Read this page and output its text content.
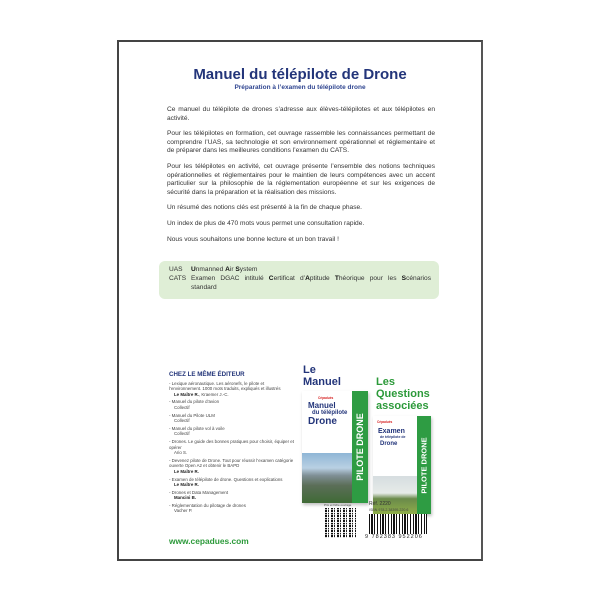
Manuel du télépilote de Drone
Préparation à l’examen du télépilote drone

Ce manuel du télépilote de drones s’adresse aux élèves-télépilotes et aux télépilotes en activité.

Pour les télépilotes en formation, cet ouvrage rassemble les connaissances permettant de comprendre l’UAS, sa technologie et son environnement opérationnel et réglementaire et de préparer dans les meilleures conditions l’examen du CATS.

Pour les télépilotes en activité, cet ouvrage présente l’ensemble des notions techniques opérationnelles et réglementaires pour le maintien de leurs compétences avec un accent particulier sur la philosophie de la réglementation européenne et sur les exigences de sécurité dans la préparation et la réalisation des missions.

Un résumé des notions clés est présenté à la fin de chaque phase.

Un index de plus de 470 mots vous permet une consultation rapide.

Nous vous souhaitons une bonne lecture et un bon travail !

UAS	Unmanned Air System
CATS Examen DGAC intitulé Certificat d’Aptitude Théorique pour les Scénarios standard
CHEZ LE MÊME ÉDITEUR
- Lexique aéronautique. Les aéronefs, le pilote et l’environnement. 1000 mots traduits, expliqués et illustrés
Le Maître R., Kraemer J.-C.
- Manuel du pilote d’avion
Collectif
- Manuel du Pilote ULM
Collectif
- Manuel du pilote vol à voile
Collectif
- Drones. Le guide des bonnes pratiques pour choisir, équiper et opérer
Ario S.
- Devenez pilote de Drone. Tout pour réussir l’examen catégorie ouverte Open A2 et obtenir le BAPD
Le Maître R.
- Examen de télépilote de drone. Questions et explications
Le Maître R.
- Drones et Data Management
Mancini B.
- Réglementation du pilotage de drones
Vacher P.
www.cepadues.com
Le
Manuel	Les
Questions
associées
Cépaduès
Manuel
du télépilote
Drone PILOTE DRONE	Cépaduès
Examen
de télépilote de
Drone	PILOTE DRONE
Prix et fiche ouvrage	Réf. 2220
ISBN 978.2.38395.220.6
9 782383 952206
